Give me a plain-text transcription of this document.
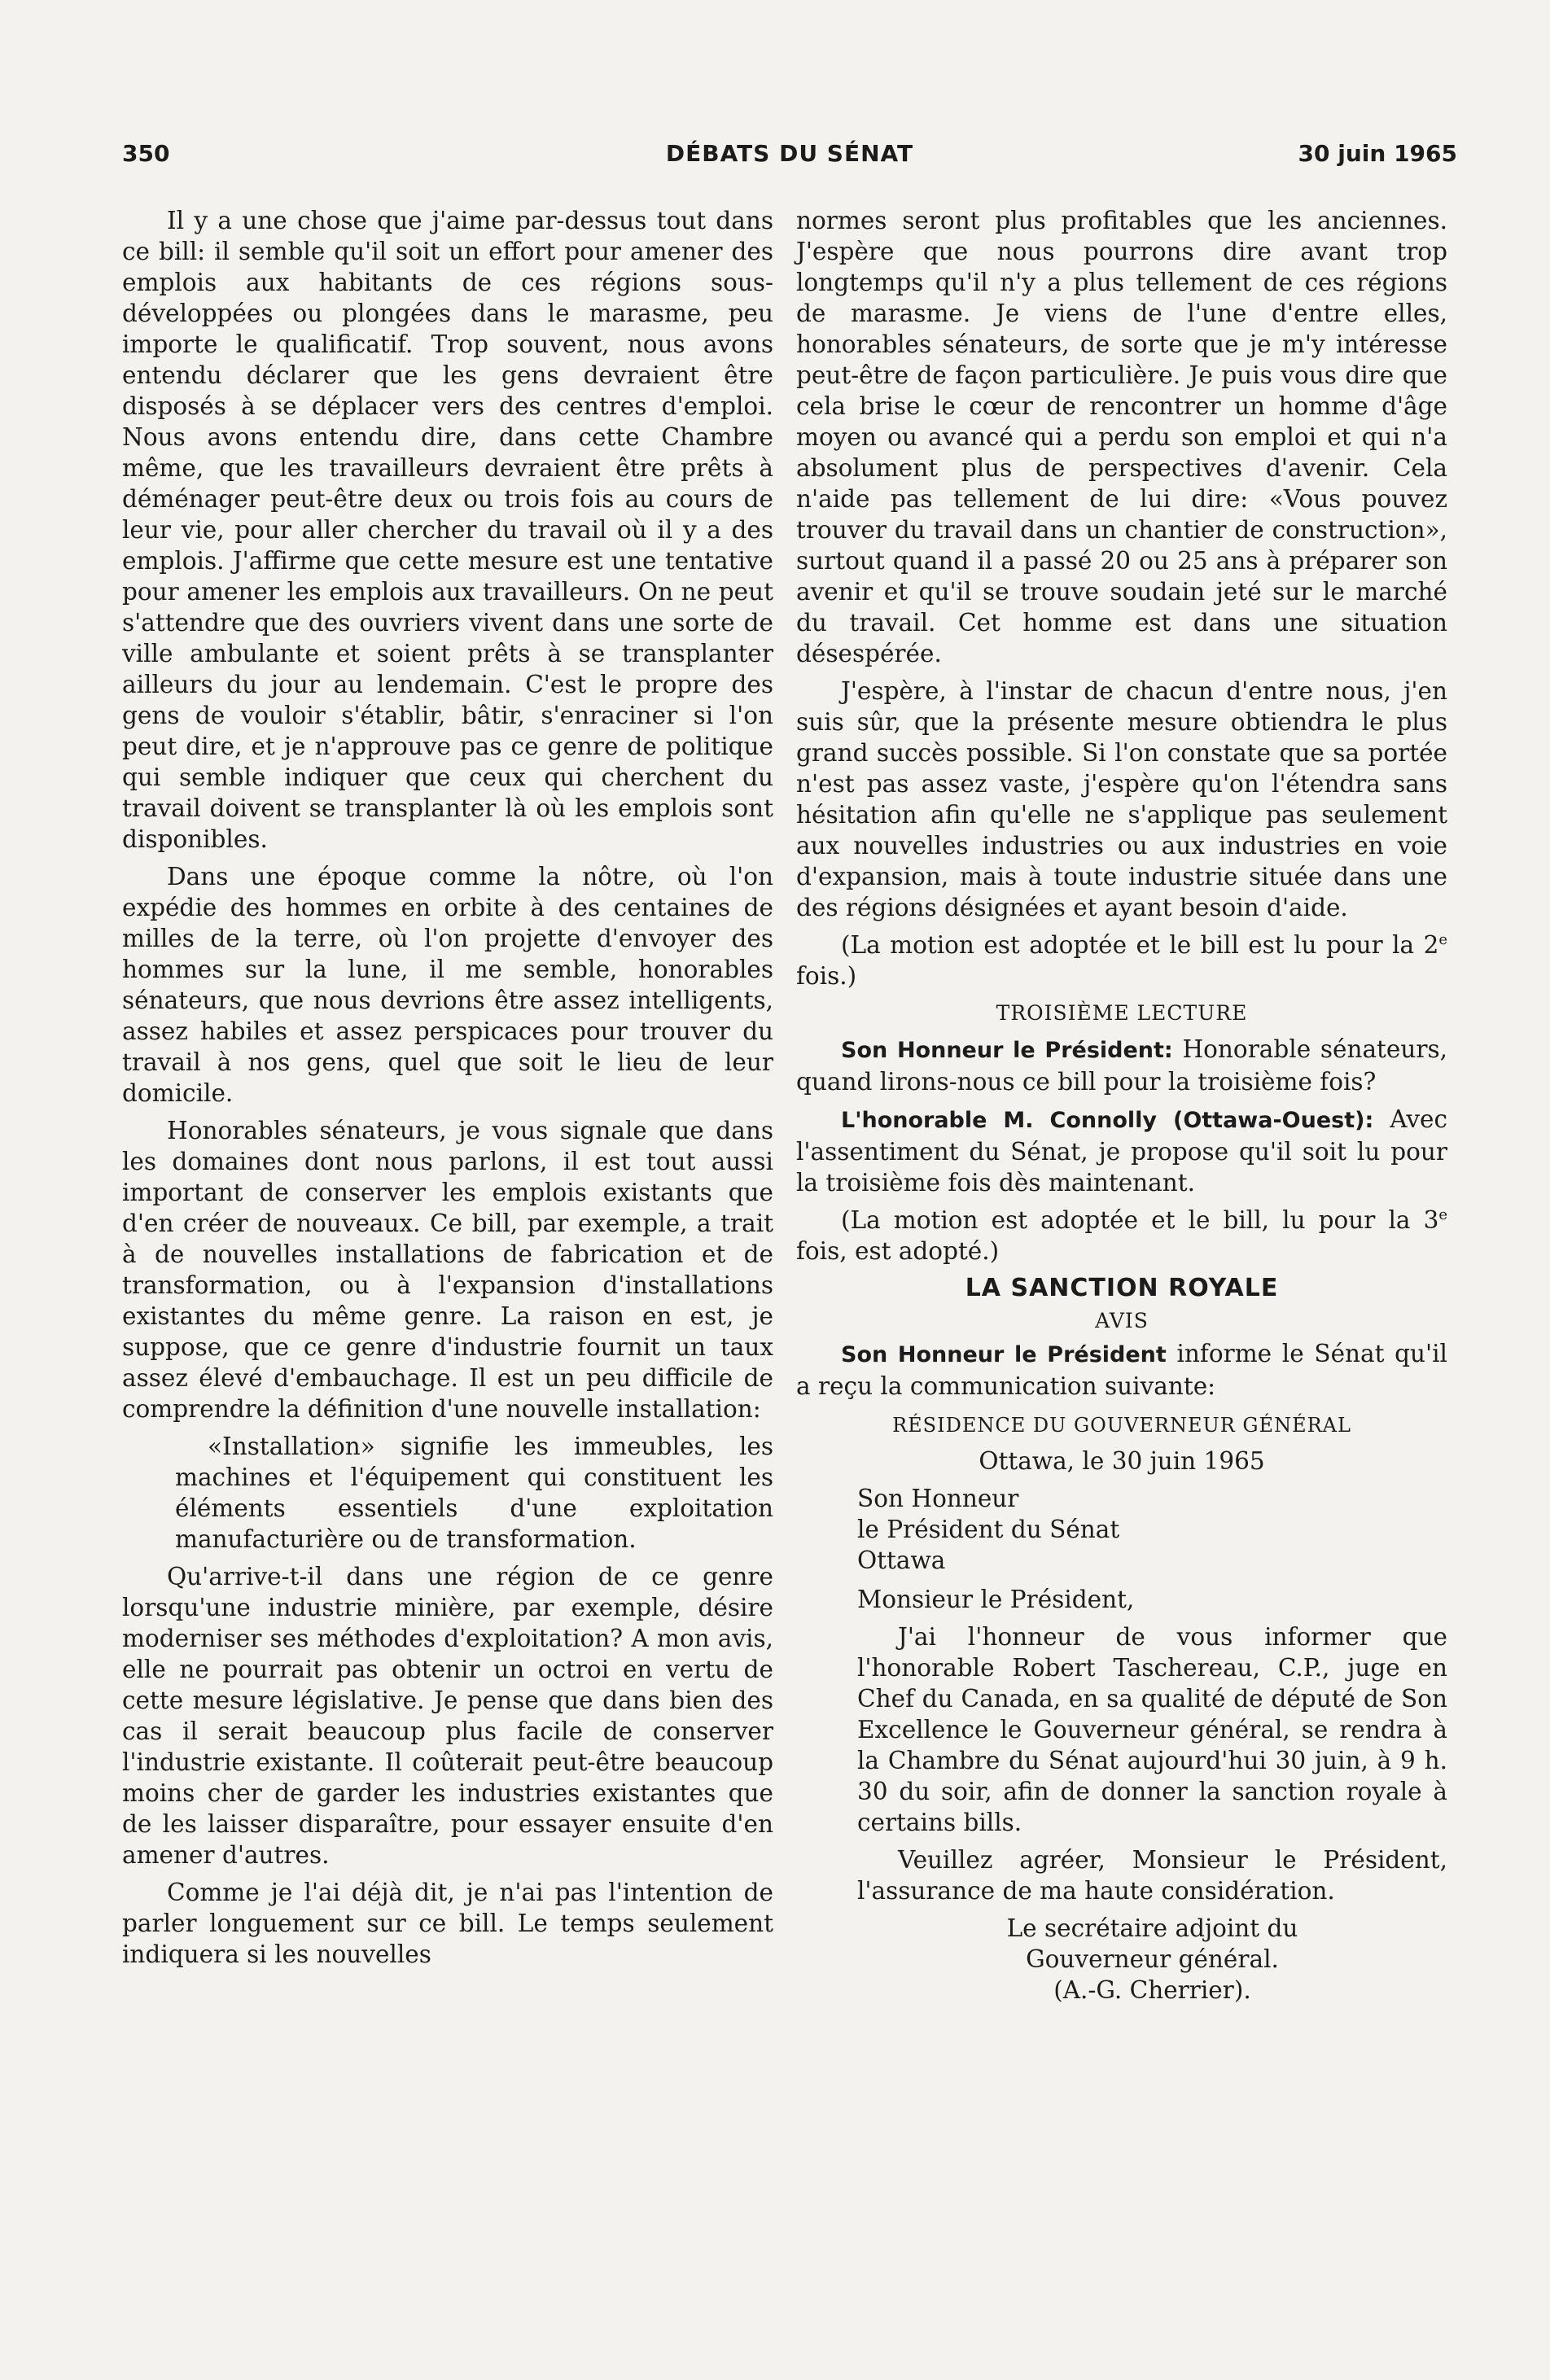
350	DÉBATS DU SÉNAT	30 juin 1965

Il y a une chose que j'aime par-dessus tout dans ce bill: il semble qu'il soit un effort pour amener des emplois aux habitants de ces régions sous-développées ou plongées dans le marasme, peu importe le qualificatif. Trop souvent, nous avons entendu déclarer que les gens devraient être disposés à se déplacer vers des centres d'emploi. Nous avons entendu dire, dans cette Chambre même, que les travailleurs devraient être prêts à déménager peut-être deux ou trois fois au cours de leur vie, pour aller chercher du travail où il y a des emplois. J'affirme que cette mesure est une tentative pour amener les emplois aux travailleurs. On ne peut s'attendre que des ouvriers vivent dans une sorte de ville ambulante et soient prêts à se transplanter ailleurs du jour au lendemain. C'est le propre des gens de vouloir s'établir, bâtir, s'enraciner si l'on peut dire, et je n'approuve pas ce genre de politique qui semble indiquer que ceux qui cherchent du travail doivent se transplanter là où les emplois sont disponibles.

Dans une époque comme la nôtre, où l'on expédie des hommes en orbite à des centaines de milles de la terre, où l'on projette d'envoyer des hommes sur la lune, il me semble, honorables sénateurs, que nous devrions être assez intelligents, assez habiles et assez perspicaces pour trouver du travail à nos gens, quel que soit le lieu de leur domicile.

Honorables sénateurs, je vous signale que dans les domaines dont nous parlons, il est tout aussi important de conserver les emplois existants que d'en créer de nouveaux. Ce bill, par exemple, a trait à de nouvelles installations de fabrication et de transformation, ou à l'expansion d'installations existantes du même genre. La raison en est, je suppose, que ce genre d'industrie fournit un taux assez élevé d'embauchage. Il est un peu difficile de comprendre la définition d'une nouvelle installation:

«Installation» signifie les immeubles, les machines et l'équipement qui constituent les éléments essentiels d'une exploitation manufacturière ou de transformation.

Qu'arrive-t-il dans une région de ce genre lorsqu'une industrie minière, par exemple, désire moderniser ses méthodes d'exploitation? A mon avis, elle ne pourrait pas obtenir un octroi en vertu de cette mesure législative. Je pense que dans bien des cas il serait beaucoup plus facile de conserver l'industrie existante. Il coûterait peut-être beaucoup moins cher de garder les industries existantes que de les laisser disparaître, pour essayer ensuite d'en amener d'autres.

Comme je l'ai déjà dit, je n'ai pas l'intention de parler longuement sur ce bill. Le temps seulement indiquera si les nouvelles

normes seront plus profitables que les anciennes. J'espère que nous pourrons dire avant trop longtemps qu'il n'y a plus tellement de ces régions de marasme. Je viens de l'une d'entre elles, honorables sénateurs, de sorte que je m'y intéresse peut-être de façon particulière. Je puis vous dire que cela brise le cœur de rencontrer un homme d'âge moyen ou avancé qui a perdu son emploi et qui n'a absolument plus de perspectives d'avenir. Cela n'aide pas tellement de lui dire: «Vous pouvez trouver du travail dans un chantier de construction», surtout quand il a passé 20 ou 25 ans à préparer son avenir et qu'il se trouve soudain jeté sur le marché du travail. Cet homme est dans une situation désespérée.

J'espère, à l'instar de chacun d'entre nous, j'en suis sûr, que la présente mesure obtiendra le plus grand succès possible. Si l'on constate que sa portée n'est pas assez vaste, j'espère qu'on l'étendra sans hésitation afin qu'elle ne s'applique pas seulement aux nouvelles industries ou aux industries en voie d'expansion, mais à toute industrie située dans une des régions désignées et ayant besoin d'aide.

(La motion est adoptée et le bill est lu pour la 2e fois.)

TROISIÈME LECTURE

Son Honneur le Président: Honorable sénateurs, quand lirons-nous ce bill pour la troisième fois?

L'honorable M. Connolly (Ottawa-Ouest): Avec l'assentiment du Sénat, je propose qu'il soit lu pour la troisième fois dès maintenant.

(La motion est adoptée et le bill, lu pour la 3e fois, est adopté.)

LA SANCTION ROYALE
AVIS

Son Honneur le Président informe le Sénat qu'il a reçu la communication suivante:

RÉSIDENCE DU GOUVERNEUR GÉNÉRAL

Ottawa, le 30 juin 1965

Son Honneur
le Président du Sénat
Ottawa

Monsieur le Président,

J'ai l'honneur de vous informer que l'honorable Robert Taschereau, C.P., juge en Chef du Canada, en sa qualité de député de Son Excellence le Gouverneur général, se rendra à la Chambre du Sénat aujourd'hui 30 juin, à 9 h. 30 du soir, afin de donner la sanction royale à certains bills.

Veuillez agréer, Monsieur le Président, l'assurance de ma haute considération.

Le secrétaire adjoint du
Gouverneur général.
(A.-G. Cherrier).
